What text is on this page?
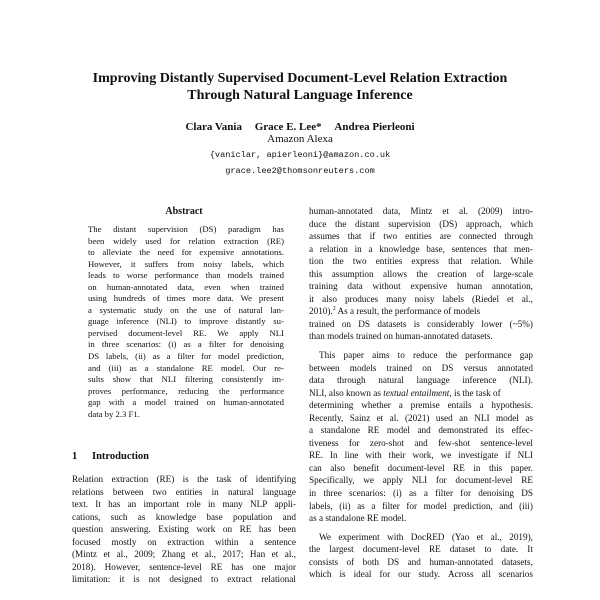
Improving Distantly Supervised Document-Level Relation Extraction
Through Natural Language Inference
Clara Vania Grace E. Lee* Andrea Pierleoni
Amazon Alexa
{vaniclar, apierleoni}@amazon.co.uk
grace.lee2@thomsonreuters.com
Abstract
The distant supervision (DS) paradigm has
been widely used for relation extraction (RE)
to alleviate the need for expensive annotations.
However, it suffers from noisy labels, which
leads to worse performance than models trained
on human-annotated data, even when trained
using hundreds of times more data. We present
a systematic study on the use of natural lan-
guage inference (NLI) to improve distantly su-
pervised document-level RE. We apply NLI
in three scenarios: (i) as a filter for denoising
DS labels, (ii) as a filter for model prediction,
and (iii) as a standalone RE model. Our re-
sults show that NLI filtering consistently im-
proves performance, reducing the performance
gap with a model trained on human-annotated
data by 2.3 F1.
1 Introduction
Relation extraction (RE) is the task of identifying
relations between two entities in natural language
text. It has an important role in many NLP appli-
cations, such as knowledge base population and
question answering. Existing work on RE has been
focused mostly on extraction within a sentence
(Mintz et al., 2009; Zhang et al., 2017; Han et al.,
2018). However, sentence-level RE has one major
limitation: it is not designed to extract relational
human-annotated data, Mintz et al. (2009) intro-
duce the distant supervision (DS) approach, which
assumes that if two entities are connected through
a relation in a knowledge base, sentences that men-
tion the two entities express that relation. While
this assumption allows the creation of large-scale
training data without expensive human annotation,
it also produces many noisy labels (Riedel et al.,
2010).$^2$ As a result, the performance of models
trained on DS datasets is considerably lower (~5%)
than models trained on human-annotated datasets.
This paper aims to reduce the performance gap
between models trained on DS versus annotated
data through natural language inference (NLI).
NLI, also known as textual entailment, is the task of
determining whether a premise entails a hypothesis.
Recently, Sainz et al. (2021) used an NLI model as
a standalone RE model and demonstrated its effec-
tiveness for zero-shot and few-shot sentence-level
RE. In line with their work, we investigate if NLI
can also benefit document-level RE in this paper.
Specifically, we apply NLI for document-level RE
in three scenarios: (i) as a filter for denoising DS
labels, (ii) as a filter for model prediction, and (iii)
as a standalone RE model.
We experiment with DocRED (Yao et al., 2019),
the largest document-level RE dataset to date. It
consists of both DS and human-annotated datasets,
which is ideal for our study. Across all scenarios
